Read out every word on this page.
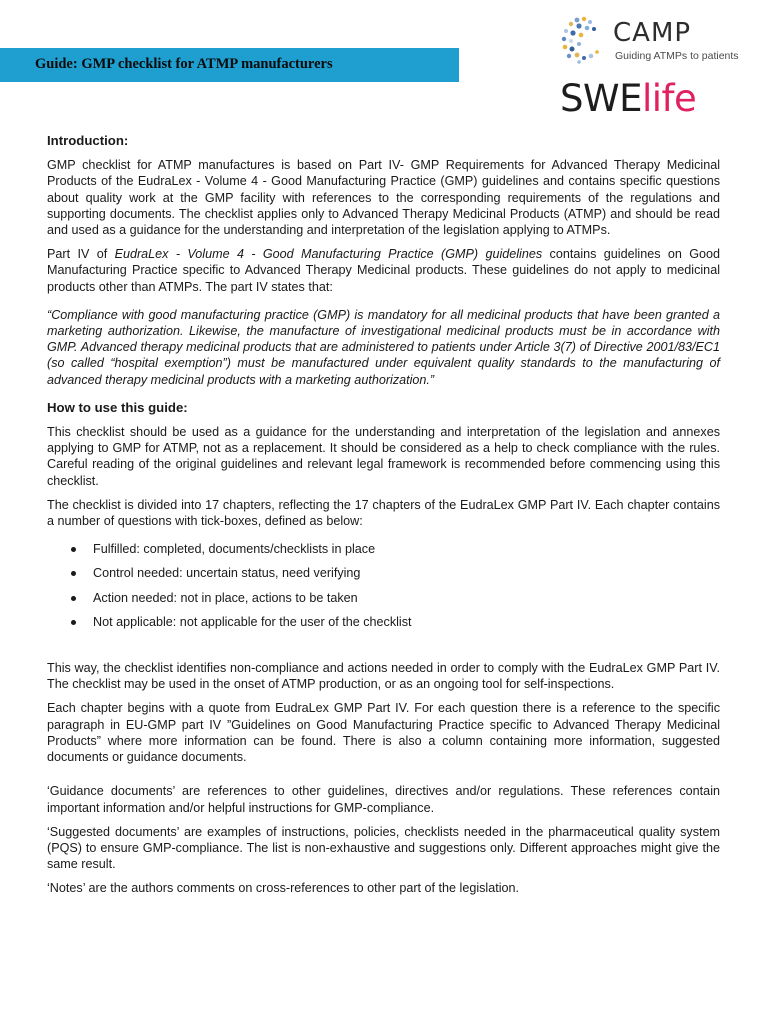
Guide: GMP checklist for ATMP manufacturers
CAMP
Guiding ATMPs to patients
SWElife

Introduction:

GMP checklist for ATMP manufactures is based on Part IV- GMP Requirements for Advanced Therapy Medicinal Products of the EudraLex - Volume 4 - Good Manufacturing Practice (GMP) guidelines and contains specific questions about quality work at the GMP facility with references to the corresponding requirements of the regulations and supporting documents. The checklist applies only to Advanced Therapy Medicinal Products (ATMP) and should be read and used as a guidance for the understanding and interpretation of the legislation applying to ATMPs.

Part IV of EudraLex - Volume 4 - Good Manufacturing Practice (GMP) guidelines contains guidelines on Good Manufacturing Practice specific to Advanced Therapy Medicinal products. These guidelines do not apply to medicinal products other than ATMPs. The part IV states that:

“Compliance with good manufacturing practice (GMP) is mandatory for all medicinal products that have been granted a marketing authorization. Likewise, the manufacture of investigational medicinal products must be in accordance with GMP. Advanced therapy medicinal products that are administered to patients under Article 3(7) of Directive 2001/83/EC1 (so called “hospital exemption”) must be manufactured under equivalent quality standards to the manufacturing of advanced therapy medicinal products with a marketing authorization.”

How to use this guide:

This checklist should be used as a guidance for the understanding and interpretation of the legislation and annexes applying to GMP for ATMP, not as a replacement. It should be considered as a help to check compliance with the rules. Careful reading of the original guidelines and relevant legal framework is recommended before commencing using this checklist.

The checklist is divided into 17 chapters, reflecting the 17 chapters of the EudraLex GMP Part IV. Each chapter contains a number of questions with tick-boxes, defined as below:

Fulfilled: completed, documents/checklists in place
Control needed: uncertain status, need verifying
Action needed: not in place, actions to be taken
Not applicable: not applicable for the user of the checklist

This way, the checklist identifies non-compliance and actions needed in order to comply with the EudraLex GMP Part IV. The checklist may be used in the onset of ATMP production, or as an ongoing tool for self-inspections.

Each chapter begins with a quote from EudraLex GMP Part IV. For each question there is a reference to the specific paragraph in EU-GMP part IV ”Guidelines on Good Manufacturing Practice specific to Advanced Therapy Medicinal Products” where more information can be found. There is also a column containing more information, suggested documents or guidance documents.

‘Guidance documents’ are references to other guidelines, directives and/or regulations. These references contain important information and/or helpful instructions for GMP-compliance.

‘Suggested documents’ are examples of instructions, policies, checklists needed in the pharmaceutical quality system (PQS) to ensure GMP-compliance. The list is non-exhaustive and suggestions only. Different approaches might give the same result.

‘Notes’ are the authors comments on cross-references to other part of the legislation.
